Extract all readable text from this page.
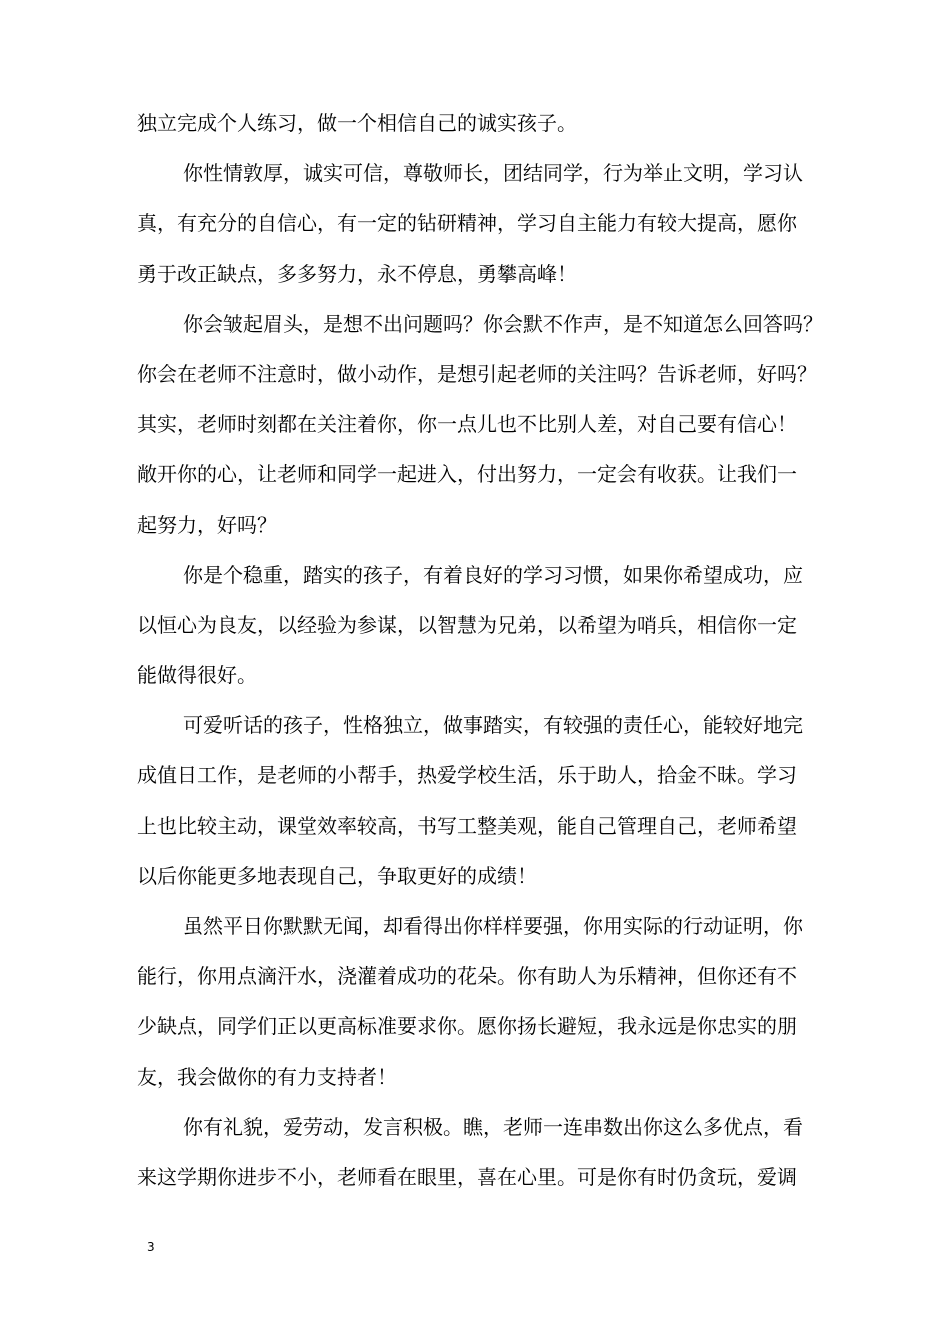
独立完成个人练习，做一个相信自己的诚实孩子。
你性情敦厚，诚实可信，尊敬师长，团结同学，行为举止文明，学习认
真，有充分的自信心，有一定的钻研精神，学习自主能力有较大提高，愿你
勇于改正缺点，多多努力，永不停息，勇攀高峰！
你会皱起眉头，是想不出问题吗？你会默不作声，是不知道怎么回答吗？
你会在老师不注意时，做小动作，是想引起老师的关注吗？告诉老师，好吗？
其实，老师时刻都在关注着你，你一点儿也不比别人差，对自己要有信心！
敞开你的心，让老师和同学一起进入，付出努力，一定会有收获。让我们一
起努力，好吗？
你是个稳重，踏实的孩子，有着良好的学习习惯，如果你希望成功，应
以恒心为良友，以经验为参谋，以智慧为兄弟，以希望为哨兵，相信你一定
能做得很好。
可爱听话的孩子，性格独立，做事踏实，有较强的责任心，能较好地完
成值日工作，是老师的小帮手，热爱学校生活，乐于助人，拾金不昧。学习
上也比较主动，课堂效率较高，书写工整美观，能自己管理自己，老师希望
以后你能更多地表现自己，争取更好的成绩！
虽然平日你默默无闻，却看得出你样样要强，你用实际的行动证明，你
能行，你用点滴汗水，浇灌着成功的花朵。你有助人为乐精神，但你还有不
少缺点，同学们正以更高标准要求你。愿你扬长避短，我永远是你忠实的朋
友，我会做你的有力支持者！
你有礼貌，爱劳动，发言积极。瞧，老师一连串数出你这么多优点，看
来这学期你进步不小，老师看在眼里，喜在心里。可是你有时仍贪玩，爱调
3
